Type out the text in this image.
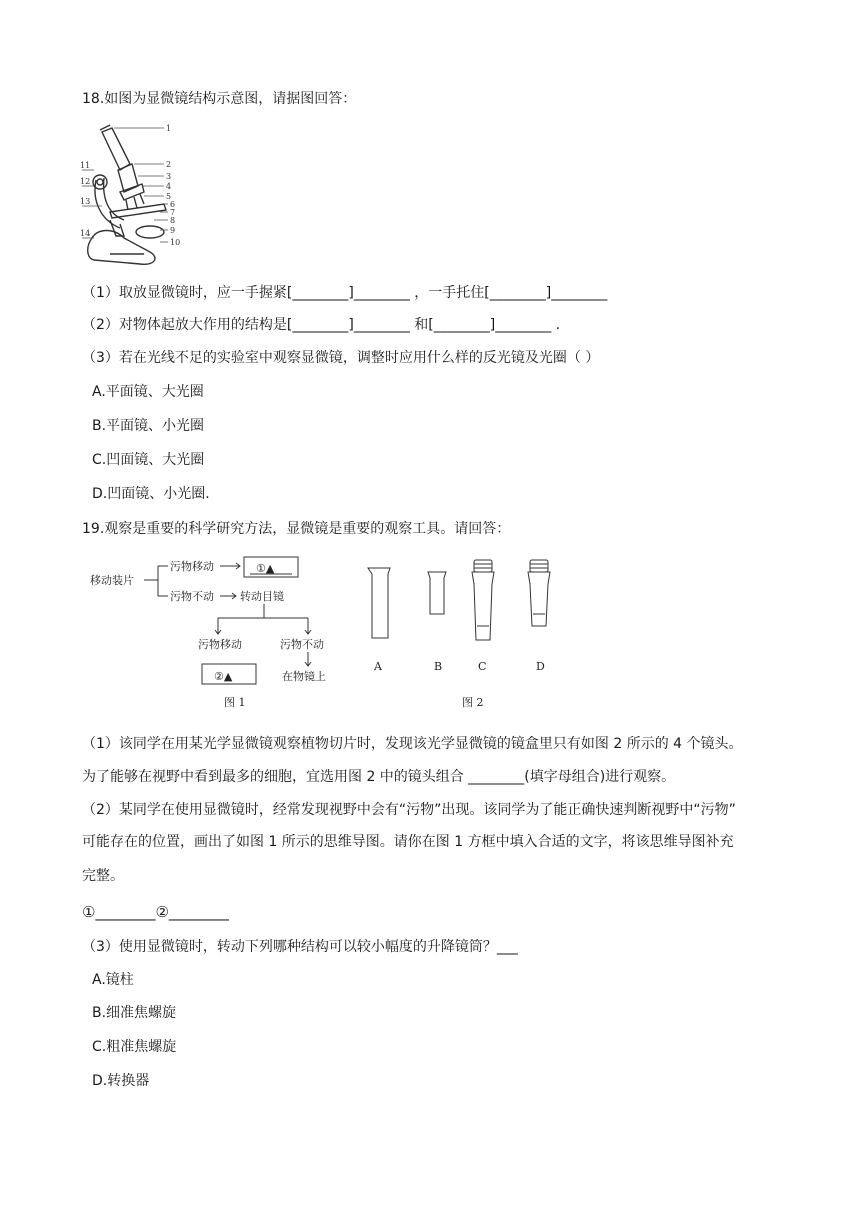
18.如图为显微镜结构示意图，请据图回答：
1
2
3
4
5
6
7
8
9
10
11
12
13
14
（1）取放显微镜时，应一手握紧[________]________ ，一手托住[________]________
（2）对物体起放大作用的结构是[________]________ 和[________]________ .
（3）若在光线不足的实验室中观察显微镜，调整时应用什么样的反光镜及光圈（ ）
A.平面镜、大光圈
B.平面镜、小光圈
C.凹面镜、大光圈
D.凹面镜、小光圈.
19.观察是重要的科学研究方法，显微镜是重要的观察工具。请回答：
移动装片
污物移动
污物不动 转动目镜
①▲
污物移动	污物不动
②▲	在物镜上
图 1
A	B	C	D
图 2
（1）该同学在用某光学显微镜观察植物切片时，发现该光学显微镜的镜盒里只有如图 2 所示的 4 个镜头。
为了能够在视野中看到最多的细胞，宜选用图 2 中的镜头组合 ________(填字母组合)进行观察。
（2）某同学在使用显微镜时，经常发现视野中会有“污物”出现。该同学为了能正确快速判断视野中“污物”
可能存在的位置，画出了如图 1 所示的思维导图。请你在图 1 方框中填入合适的文字，将该思维导图补充
完整。
①________②________
（3）使用显微镜时，转动下列哪种结构可以较小幅度的升降镜筒？___
A.镜柱
B.细准焦螺旋
C.粗准焦螺旋
D.转换器
